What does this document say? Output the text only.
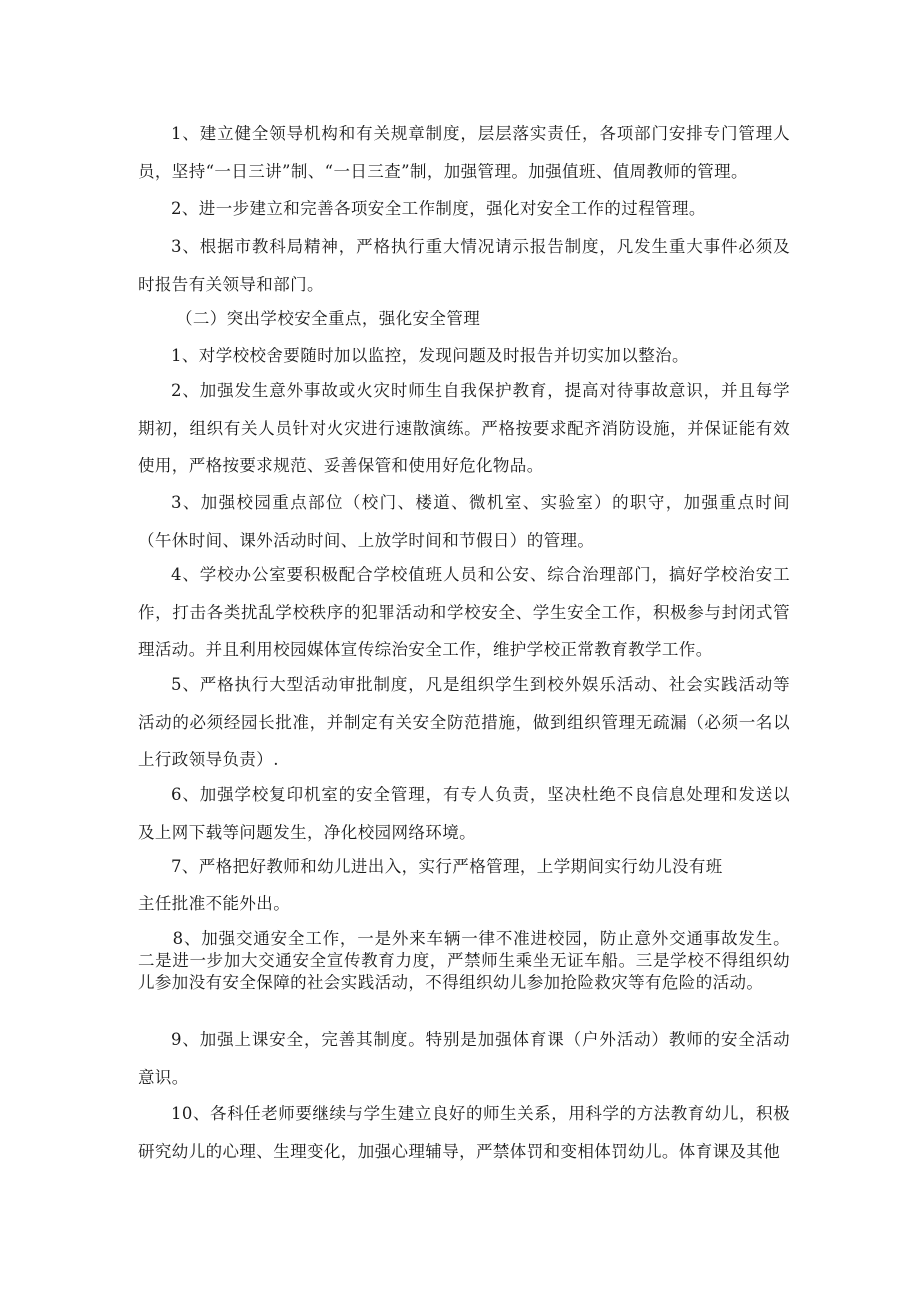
1、建立健全领导机构和有关规章制度，层层落实责任，各项部门安排专门管理人员，坚持“一日三讲”制、“一日三查”制，加强管理。加强值班、值周教师的管理。

2、进一步建立和完善各项安全工作制度，强化对安全工作的过程管理。

3、根据市教科局精神，严格执行重大情况请示报告制度，凡发生重大事件必须及时报告有关领导和部门。

（二）突出学校安全重点，强化安全管理

1、对学校校舍要随时加以监控，发现问题及时报告并切实加以整治。

2、加强发生意外事故或火灾时师生自我保护教育，提高对待事故意识，并且每学期初，组织有关人员针对火灾进行速散演练。严格按要求配齐消防设施，并保证能有效使用，严格按要求规范、妥善保管和使用好危化物品。

3、加强校园重点部位（校门、楼道、微机室、实验室）的职守，加强重点时间（午休时间、课外活动时间、上放学时间和节假日）的管理。

4、学校办公室要积极配合学校值班人员和公安、综合治理部门，搞好学校治安工作，打击各类扰乱学校秩序的犯罪活动和学校安全、学生安全工作，积极参与封闭式管理活动。并且利用校园媒体宣传综治安全工作，维护学校正常教育教学工作。

5、严格执行大型活动审批制度，凡是组织学生到校外娱乐活动、社会实践活动等活动的必须经园长批准，并制定有关安全防范措施，做到组织管理无疏漏（必须一名以上行政领导负责）.

6、加强学校复印机室的安全管理，有专人负责，坚决杜绝不良信息处理和发送以及上网下载等问题发生，净化校园网络环境。

7、严格把好教师和幼儿进出入，实行严格管理，上学期间实行幼儿没有班

主任批准不能外出。

8、加强交通安全工作，一是外来车辆一律不准进校园，防止意外交通事故发生。二是进一步加大交通安全宣传教育力度，严禁师生乘坐无证车船。三是学校不得组织幼儿参加没有安全保障的社会实践活动，不得组织幼儿参加抢险救灾等有危险的活动。

9、加强上课安全，完善其制度。特别是加强体育课（户外活动）教师的安全活动意识。

10、各科任老师要继续与学生建立良好的师生关系，用科学的方法教育幼儿，积极研究幼儿的心理、生理变化，加强心理辅导，严禁体罚和变相体罚幼儿。体育课及其他
